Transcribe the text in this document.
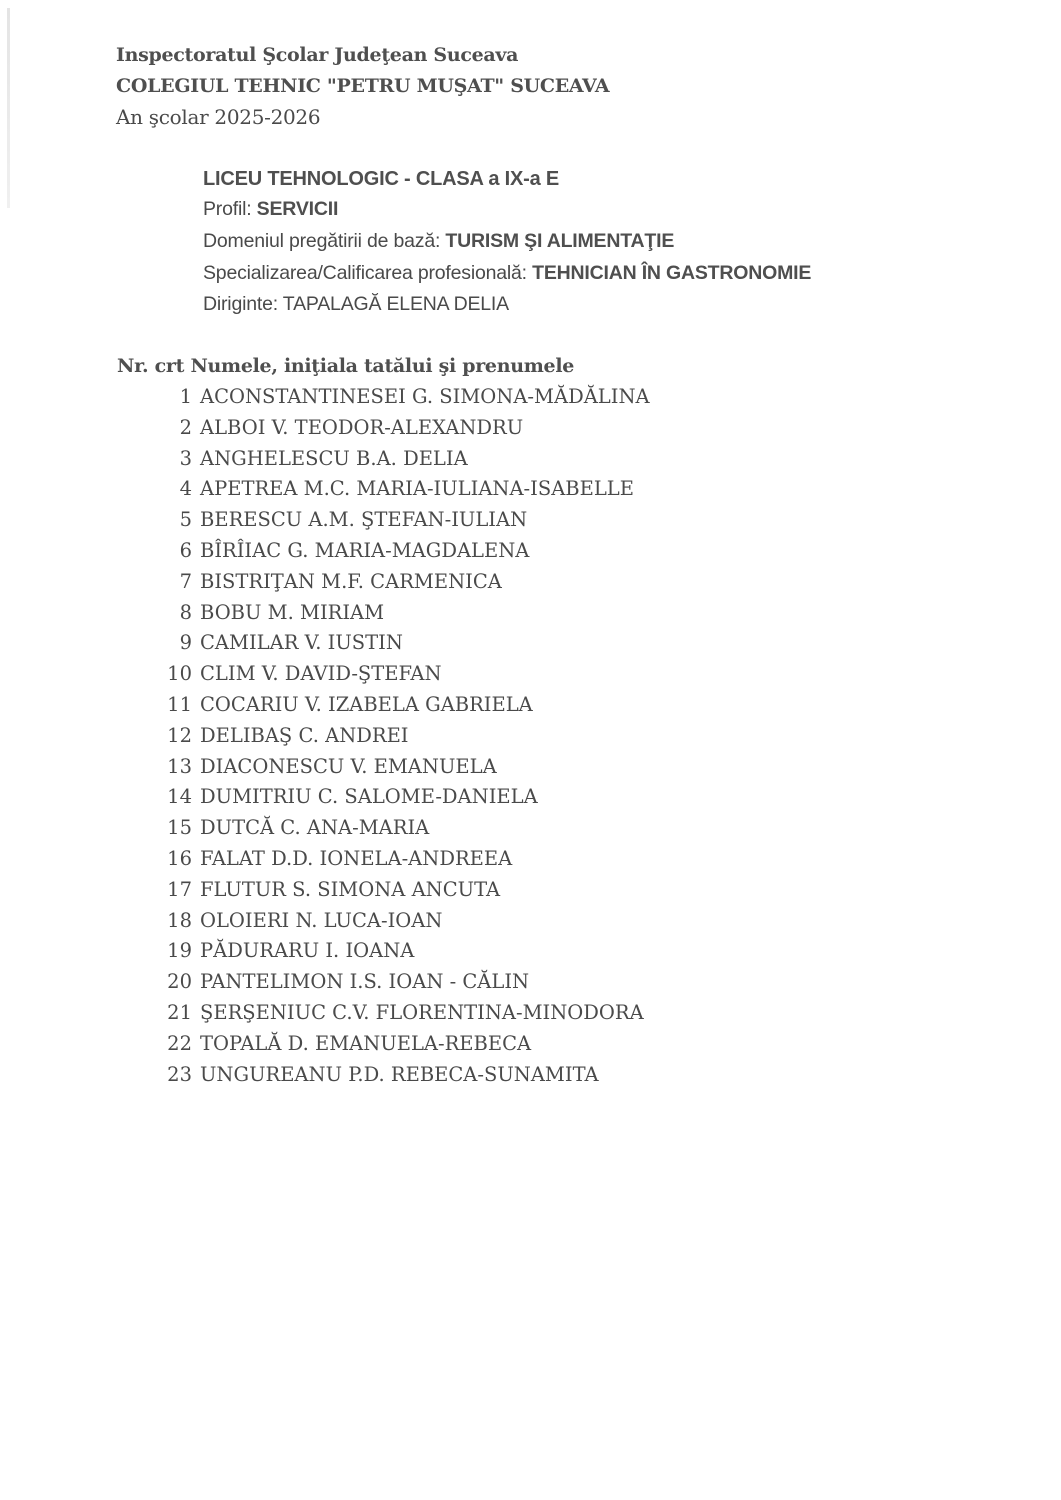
Inspectoratul Şcolar Judeţean Suceava
COLEGIUL TEHNIC "PETRU MUŞAT" SUCEAVA
An şcolar 2025-2026
LICEU TEHNOLOGIC - CLASA a IX-a E
Profil: SERVICII
Domeniul pregătirii de bază: TURISM ŞI ALIMENTAŢIE
Specializarea/Calificarea profesională: TEHNICIAN ÎN GASTRONOMIE
Diriginte: TAPALAGĂ ELENA DELIA
Nr. crt Numele, iniţiala tatălui şi prenumele
1 ACONSTANTINESEI G. SIMONA-MĂDĂLINA
2 ALBOI V. TEODOR-ALEXANDRU
3 ANGHELESCU B.A. DELIA
4 APETREA M.C. MARIA-IULIANA-ISABELLE
5 BERESCU A.M. ŞTEFAN-IULIAN
6 BÎRÎIAC G. MARIA-MAGDALENA
7 BISTRIŢAN M.F. CARMENICA
8 BOBU M. MIRIAM
9 CAMILAR V. IUSTIN
10 CLIM V. DAVID-ŞTEFAN
11 COCARIU V. IZABELA GABRIELA
12 DELIBAŞ C. ANDREI
13 DIACONESCU V. EMANUELA
14 DUMITRIU C. SALOME-DANIELA
15 DUTCĂ C. ANA-MARIA
16 FALAT D.D. IONELA-ANDREEA
17 FLUTUR S. SIMONA ANCUTA
18 OLOIERI N. LUCA-IOAN
19 PĂDURARU I. IOANA
20 PANTELIMON I.S. IOAN - CĂLIN
21 ŞERŞENIUC C.V. FLORENTINA-MINODORA
22 TOPALĂ D. EMANUELA-REBECA
23 UNGUREANU P.D. REBECA-SUNAMITA
